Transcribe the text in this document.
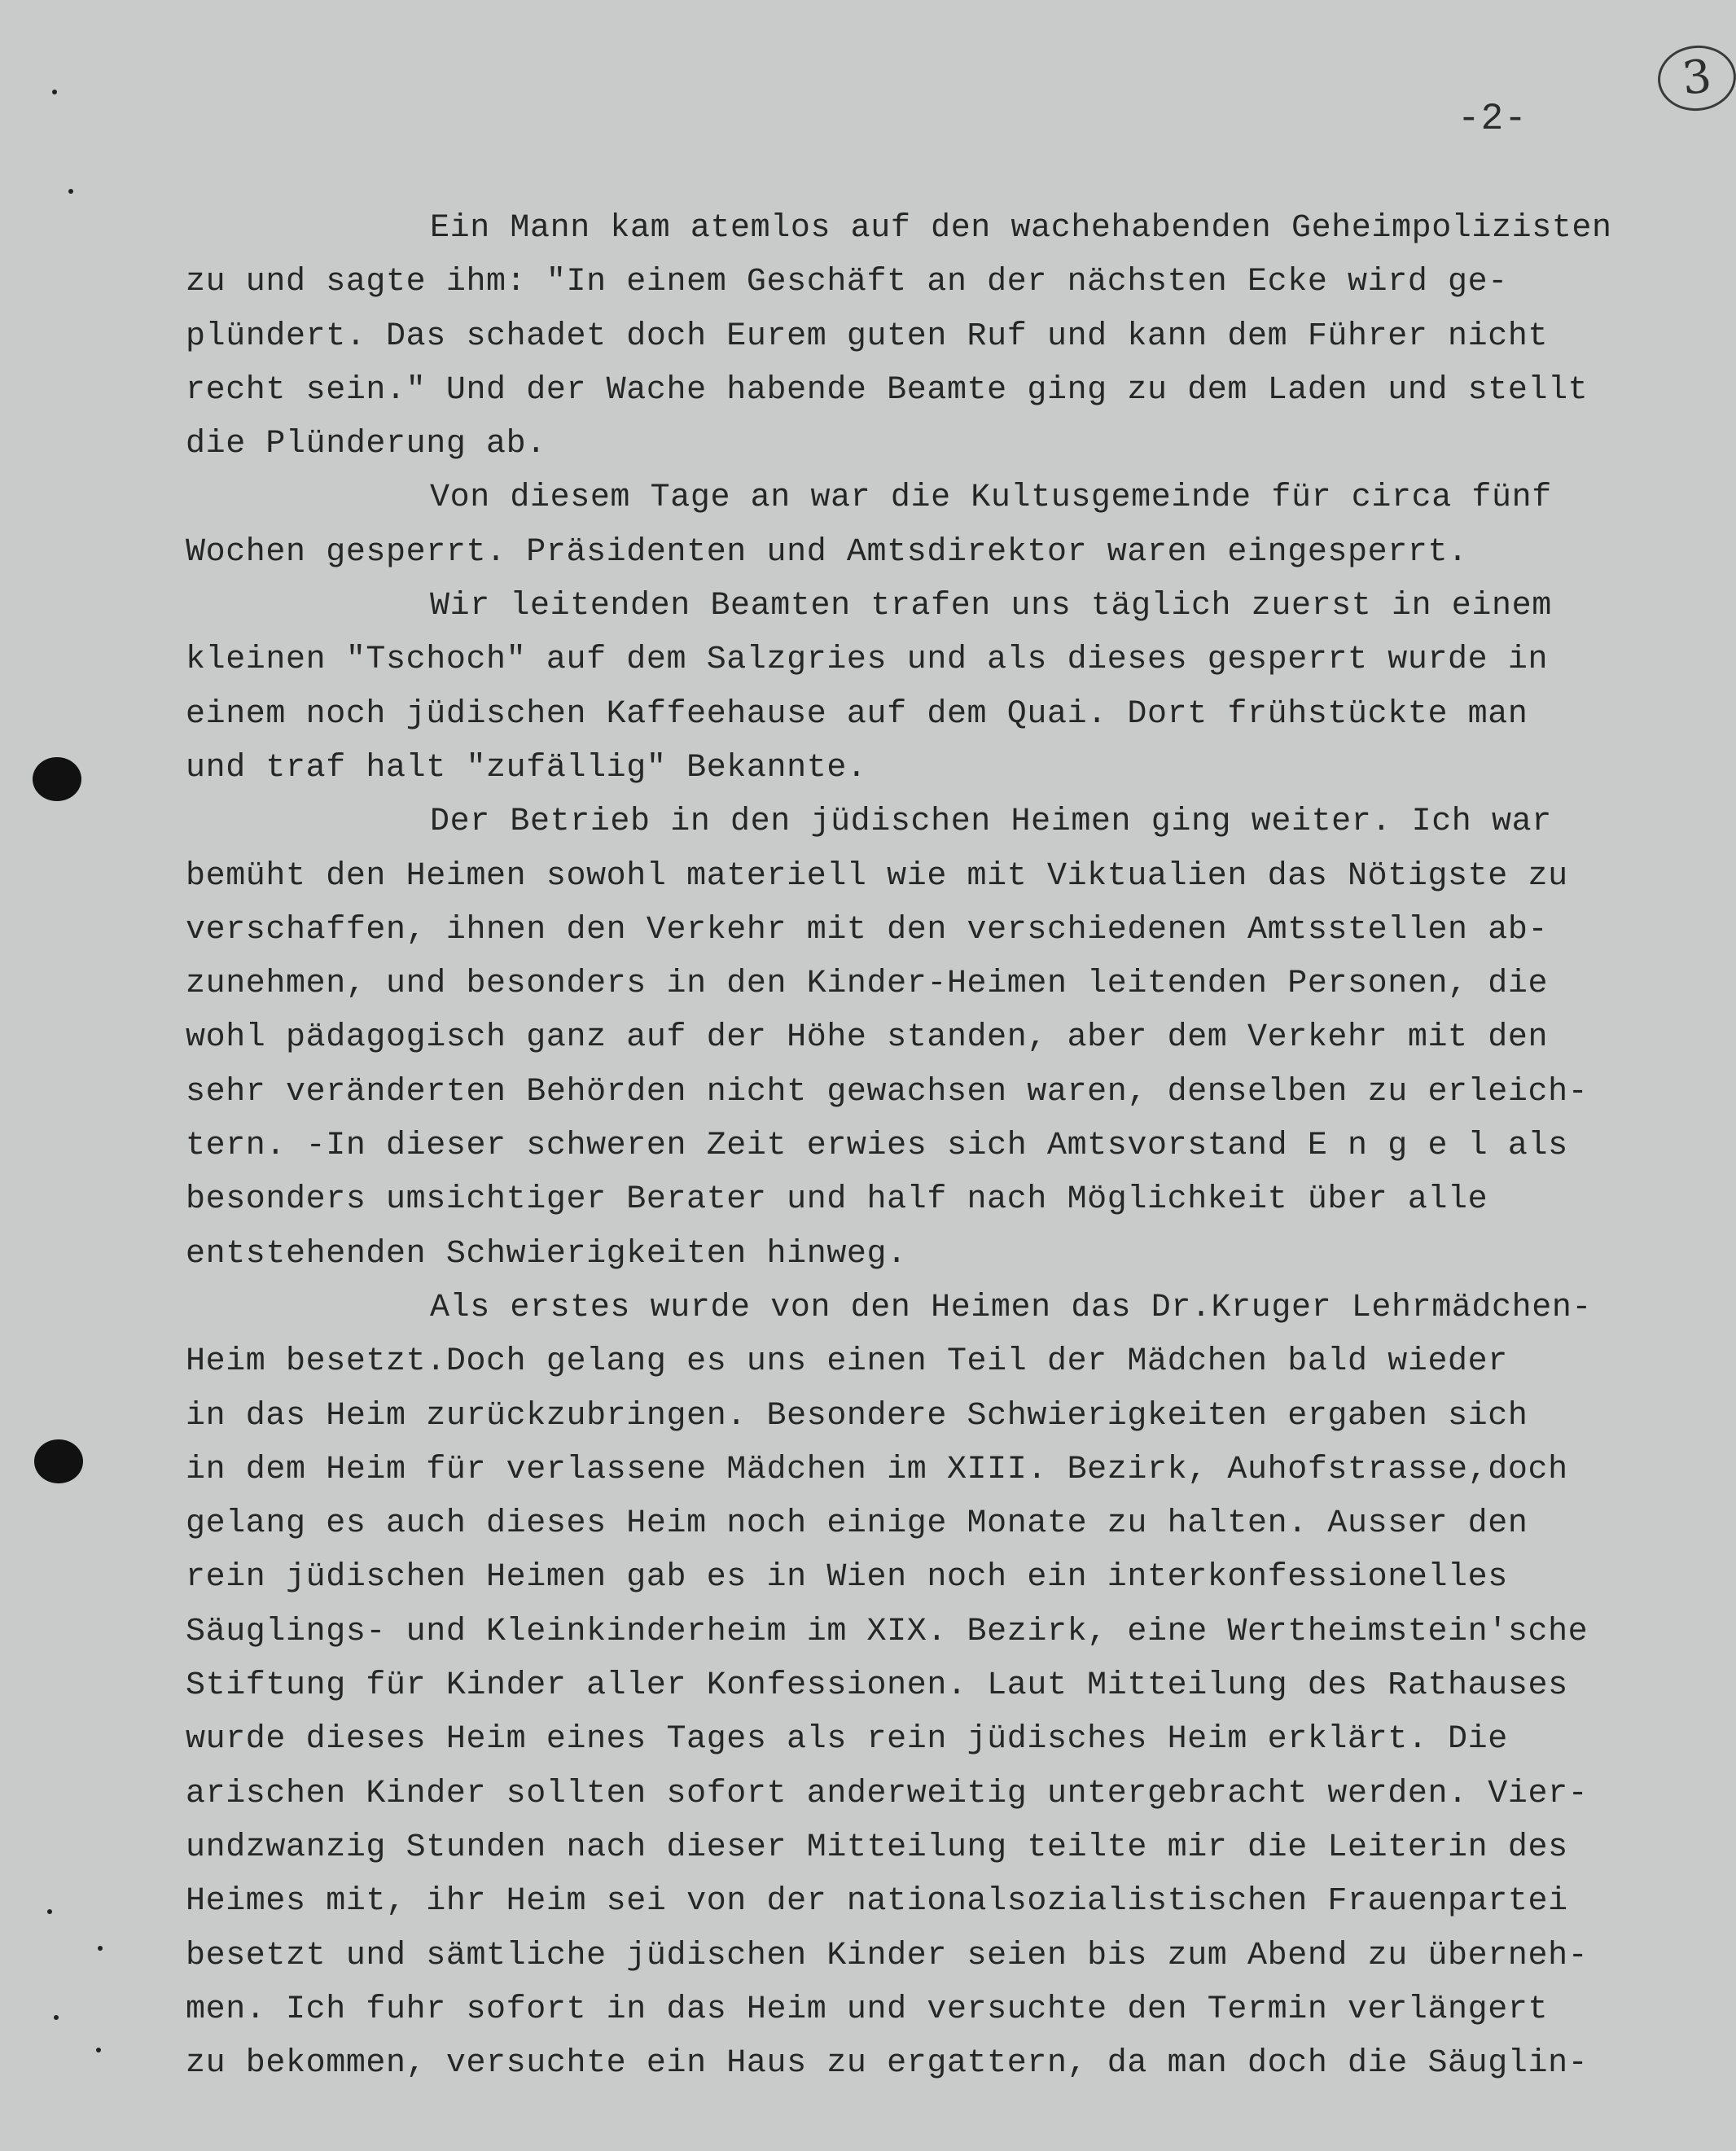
-2-
3
Ein Mann kam atemlos auf den wachehabenden Geheimpolizisten
zu und sagte ihm: "In einem Geschäft an der nächsten Ecke wird ge-
plündert. Das schadet doch Eurem guten Ruf und kann dem Führer nicht
recht sein." Und der Wache habende Beamte ging zu dem Laden und stellt
die Plünderung ab.
Von diesem Tage an war die Kultusgemeinde für circa fünf
Wochen gesperrt. Präsidenten und Amtsdirektor waren eingesperrt.
Wir leitenden Beamten trafen uns täglich zuerst in einem
kleinen "Tschoch" auf dem Salzgries und als dieses gesperrt wurde in
einem noch jüdischen Kaffeehause auf dem Quai. Dort frühstückte man
und traf halt "zufällig" Bekannte.
Der Betrieb in den jüdischen Heimen ging weiter. Ich war
bemüht den Heimen sowohl materiell wie mit Viktualien das Nötigste zu
verschaffen, ihnen den Verkehr mit den verschiedenen Amtsstellen ab-
zunehmen, und besonders in den Kinder-Heimen leitenden Personen, die
wohl pädagogisch ganz auf der Höhe standen, aber dem Verkehr mit den
sehr veränderten Behörden nicht gewachsen waren, denselben zu erleich-
tern. -In dieser schweren Zeit erwies sich Amtsvorstand E n g e l als
besonders umsichtiger Berater und half nach Möglichkeit über alle
entstehenden Schwierigkeiten hinweg.
Als erstes wurde von den Heimen das Dr.Kruger Lehrmädchen-
Heim besetzt.Doch gelang es uns einen Teil der Mädchen bald wieder
in das Heim zurückzubringen. Besondere Schwierigkeiten ergaben sich
in dem Heim für verlassene Mädchen im XIII. Bezirk, Auhofstrasse,doch
gelang es auch dieses Heim noch einige Monate zu halten. Ausser den
rein jüdischen Heimen gab es in Wien noch ein interkonfessionelles
Säuglings- und Kleinkinderheim im XIX. Bezirk, eine Wertheimstein'sche
Stiftung für Kinder aller Konfessionen. Laut Mitteilung des Rathauses
wurde dieses Heim eines Tages als rein jüdisches Heim erklärt. Die
arischen Kinder sollten sofort anderweitig untergebracht werden. Vier-
undzwanzig Stunden nach dieser Mitteilung teilte mir die Leiterin des
Heimes mit, ihr Heim sei von der nationalsozialistischen Frauenpartei
besetzt und sämtliche jüdischen Kinder seien bis zum Abend zu überneh-
men. Ich fuhr sofort in das Heim und versuchte den Termin verlängert
zu bekommen, versuchte ein Haus zu ergattern, da man doch die Säuglin-
